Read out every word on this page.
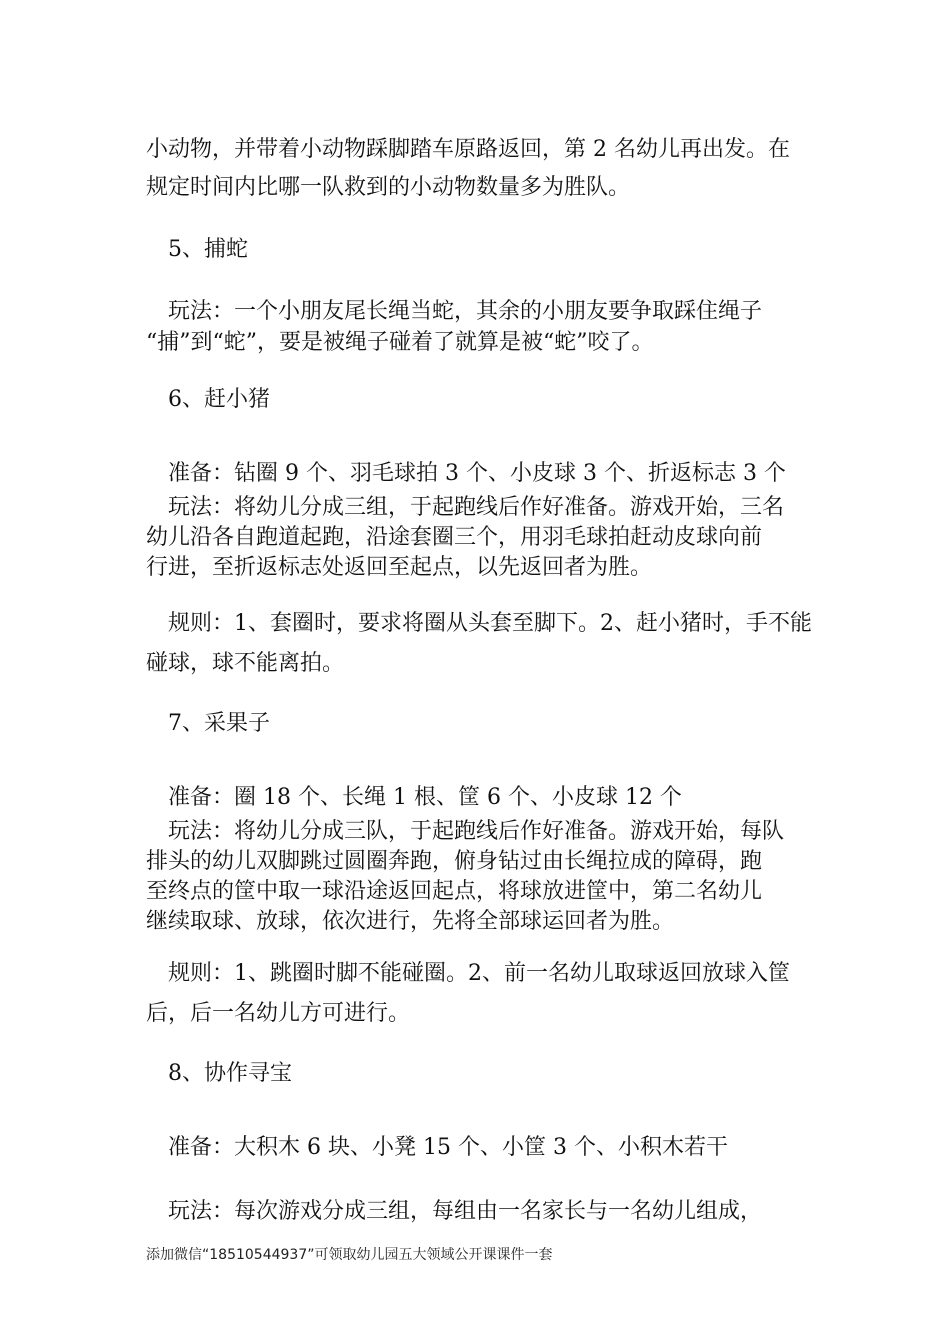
小动物，并带着小动物踩脚踏车原路返回，第 2 名幼儿再出发。在

规定时间内比哪一队救到的小动物数量多为胜队。

5、捕蛇

玩法：一个小朋友尾长绳当蛇，其余的小朋友要争取踩住绳子

“捕”到“蛇”，要是被绳子碰着了就算是被“蛇”咬了。

6、赶小猪

准备：钻圈 9 个、羽毛球拍 3 个、小皮球 3 个、折返标志 3 个

玩法：将幼儿分成三组，于起跑线后作好准备。游戏开始，三名

幼儿沿各自跑道起跑，沿途套圈三个，用羽毛球拍赶动皮球向前

行进，至折返标志处返回至起点，以先返回者为胜。

规则：1、套圈时，要求将圈从头套至脚下。2、赶小猪时，手不能

碰球，球不能离拍。

7、采果子

准备：圈 18 个、长绳 1 根、筐 6 个、小皮球 12 个

玩法：将幼儿分成三队，于起跑线后作好准备。游戏开始，每队

排头的幼儿双脚跳过圆圈奔跑，俯身钻过由长绳拉成的障碍，跑

至终点的筐中取一球沿途返回起点，将球放进筐中，第二名幼儿

继续取球、放球，依次进行，先将全部球运回者为胜。

规则：1、跳圈时脚不能碰圈。2、前一名幼儿取球返回放球入筐

后，后一名幼儿方可进行。

8、协作寻宝

准备：大积木 6 块、小凳 15 个、小筐 3 个、小积木若干

玩法：每次游戏分成三组，每组由一名家长与一名幼儿组成，

添加微信“18510544937”可领取幼儿园五大领域公开课课件一套
